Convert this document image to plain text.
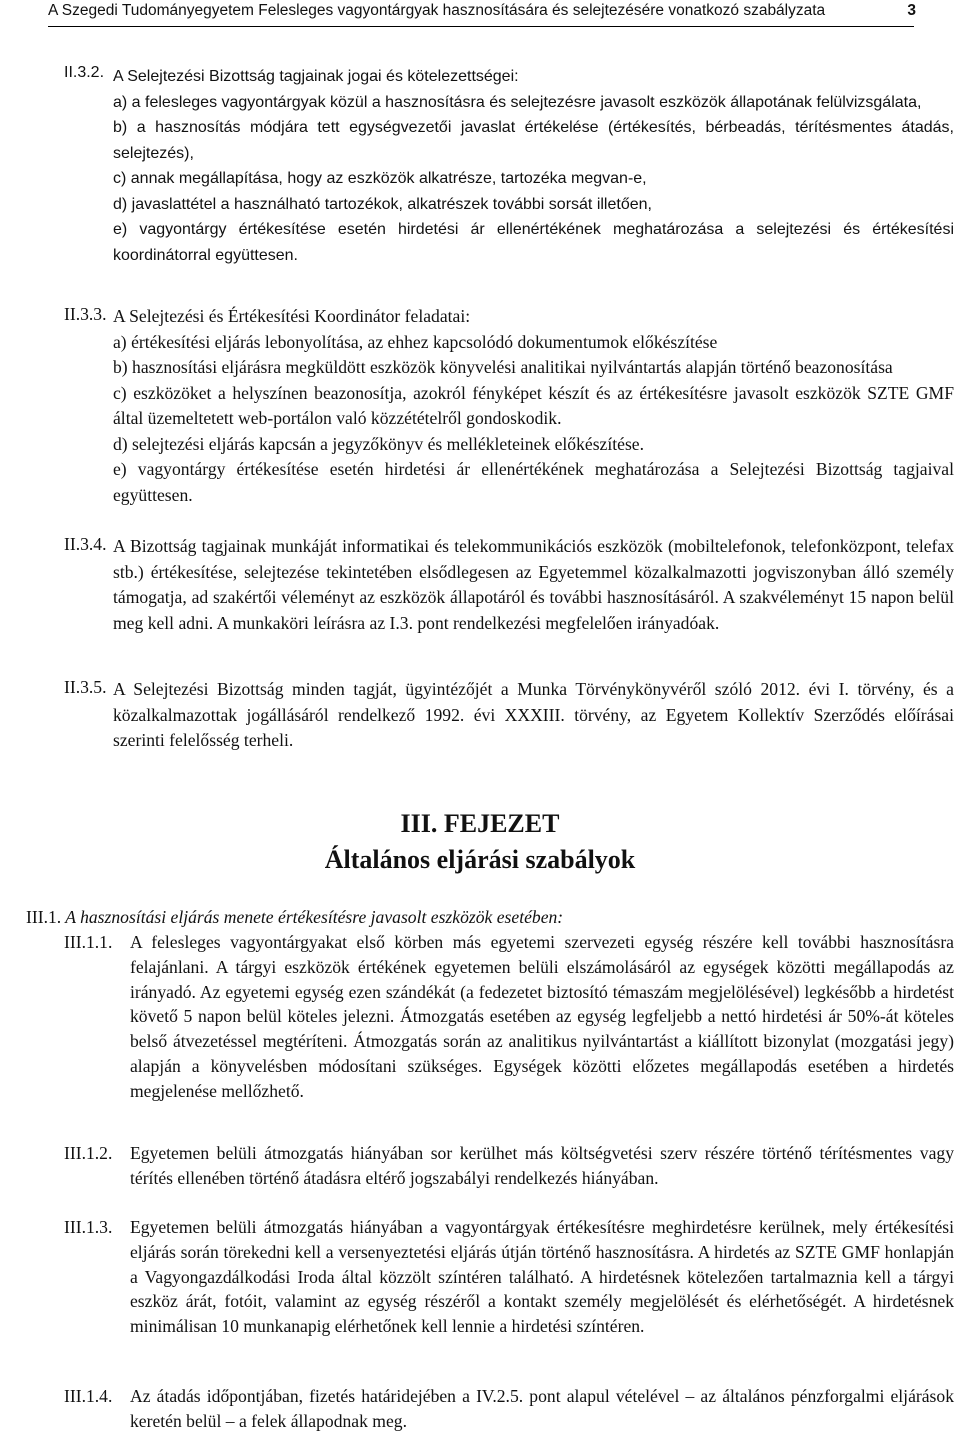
A Szegedi Tudományegyetem Felesleges vagyontárgyak hasznosítására és selejtezésére vonatkozó szabályzata	3
II.3.2. A Selejtezési Bizottság tagjainak jogai és kötelezettségei:
a) a felesleges vagyontárgyak közül a hasznosításra és selejtezésre javasolt eszközök állapotának felülvizsgálata,
b) a hasznosítás módjára tett egységvezetői javaslat értékelése (értékesítés, bérbeadás, térítésmentes átadás, selejtezés),
c) annak megállapítása, hogy az eszközök alkatrésze, tartozéka megvan-e,
d) javaslattétel a használható tartozékok, alkatrészek további sorsát illetően,
e) vagyontárgy értékesítése esetén hirdetési ár ellenértékének meghatározása a selejtezési és értékesítési koordinátorral együttesen.
II.3.3. A Selejtezési és Értékesítési Koordinátor feladatai:
a) értékesítési eljárás lebonyolítása, az ehhez kapcsolódó dokumentumok előkészítése
b) hasznosítási eljárásra megküldött eszközök könyvelési analitikai nyilvántartás alapján történő beazonosítása
c) eszközöket a helyszínen beazonosítja, azokról fényképet készít és az értékesítésre javasolt eszközök SZTE GMF által üzemeltetett web-portálon való közzétételről gondoskodik.
d) selejtezési eljárás kapcsán a jegyzőkönyv és mellékleteinek előkészítése.
e) vagyontárgy értékesítése esetén hirdetési ár ellenértékének meghatározása a Selejtezési Bizottság tagjaival együttesen.
II.3.4. A Bizottság tagjainak munkáját informatikai és telekommunikációs eszközök (mobiltelefonok, telefonközpont, telefax stb.) értékesítése, selejtezése tekintetében elsődlegesen az Egyetemmel közalkalmazotti jogviszonyban álló személy támogatja, ad szakértői véleményt az eszközök állapotáról és további hasznosításáról. A szakvéleményt 15 napon belül meg kell adni. A munkaköri leírásra az I.3. pont rendelkezési megfelelően irányadóak.
II.3.5. A Selejtezési Bizottság minden tagját, ügyintézőjét a Munka Törvénykönyvéről szóló 2012. évi I. törvény, és a közalkalmazottak jogállásáról rendelkező 1992. évi XXXIII. törvény, az Egyetem Kollektív Szerződés előírásai szerinti felelősség terheli.
III. FEJEZET
Általános eljárási szabályok
III.1. A hasznosítási eljárás menete értékesítésre javasolt eszközök esetében:
III.1.1.	A felesleges vagyontárgyakat első körben más egyetemi szervezeti egység részére kell további hasznosításra felajánlani. A tárgyi eszközök értékének egyetemen belüli elszámolásáról az egységek közötti megállapodás az irányadó. Az egyetemi egység ezen szándékát (a fedezetet biztosító témaszám megjelölésével) legkésőbb a hirdetést követő 5 napon belül köteles jelezni. Átmozgatás esetében az egység legfeljebb a nettó hirdetési ár 50%-át köteles belső átvezetéssel megtéríteni. Átmozgatás során az analitikus nyilvántartást a kiállított bizonylat (mozgatási jegy) alapján a könyvelésben módosítani szükséges. Egységek közötti előzetes megállapodás esetében a hirdetés megjelenése mellőzhető.
III.1.2.	Egyetemen belüli átmozgatás hiányában sor kerülhet más költségvetési szerv részére történő térítésmentes vagy térítés ellenében történő átadásra eltérő jogszabályi rendelkezés hiányában.
III.1.3.	Egyetemen belüli átmozgatás hiányában a vagyontárgyak értékesítésre meghirdetésre kerülnek, mely értékesítési eljárás során törekedni kell a versenyeztetési eljárás útján történő hasznosításra. A hirdetés az SZTE GMF honlapján a Vagyongazdálkodási Iroda által közzölt színtéren található. A hirdetésnek kötelezően tartalmaznia kell a tárgyi eszköz árát, fotóit, valamint az egység részéről a kontakt személy megjelölését és elérhetőségét. A hirdetésnek minimálisan 10 munkanapig elérhetőnek kell lennie a hirdetési színtéren.
III.1.4.	Az átadás időpontjában, fizetés határidejében a IV.2.5. pont alapul vételével – az általános pénzforgalmi eljárások keretén belül – a felek állapodnak meg.
